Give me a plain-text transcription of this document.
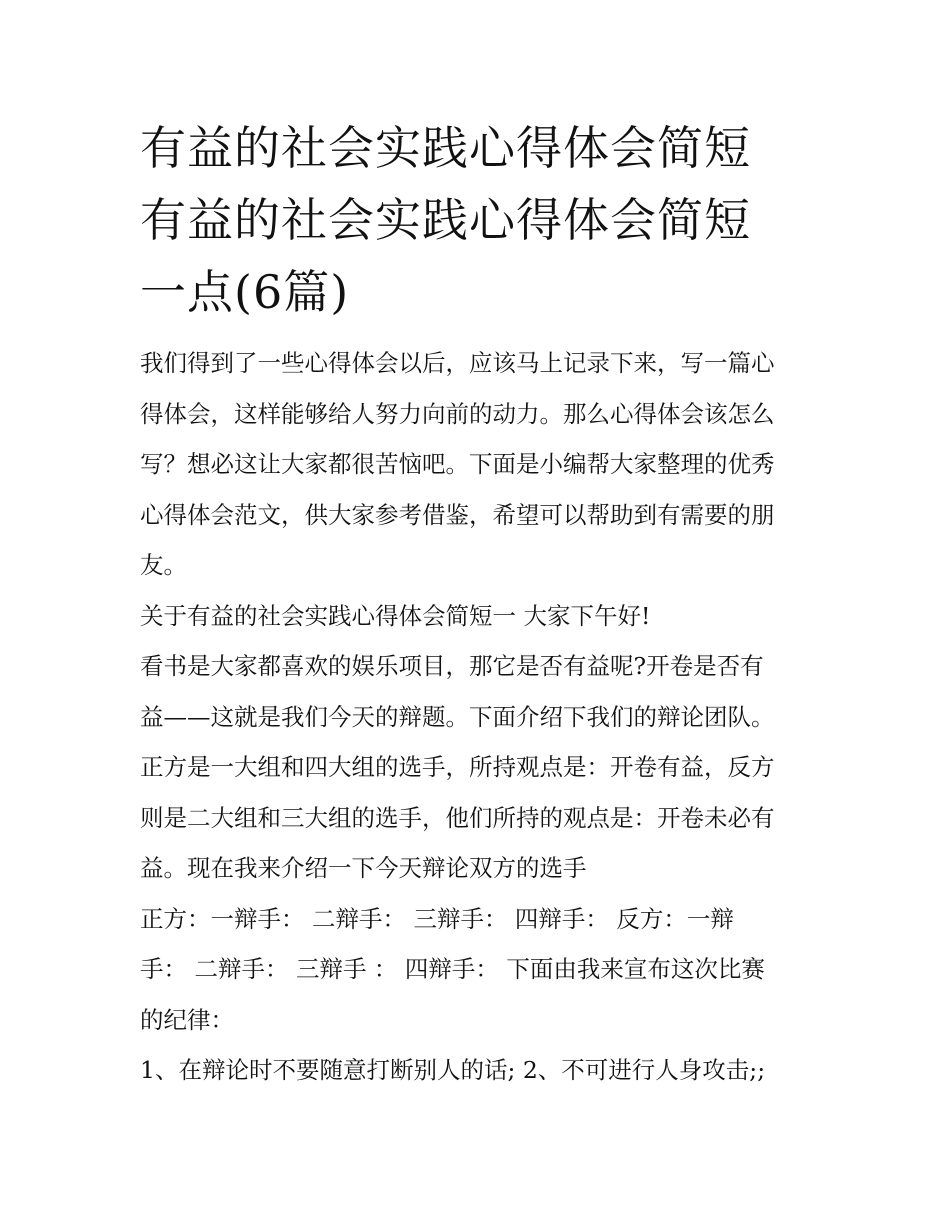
有益的社会实践心得体会简短
有益的社会实践心得体会简短
一点(6篇)

我们得到了一些心得体会以后，应该马上记录下来，写一篇心
得体会，这样能够给人努力向前的动力。那么心得体会该怎么
写？想必这让大家都很苦恼吧。下面是小编帮大家整理的优秀
心得体会范文，供大家参考借鉴，希望可以帮助到有需要的朋
友。

关于有益的社会实践心得体会简短一 大家下午好!

看书是大家都喜欢的娱乐项目，那它是否有益呢?开卷是否有
益——这就是我们今天的辩题。下面介绍下我们的辩论团队。
正方是一大组和四大组的选手，所持观点是：开卷有益，反方
则是二大组和三大组的选手，他们所持的观点是：开卷未必有
益。现在我来介绍一下今天辩论双方的选手

正方：一辩手： 二辩手： 三辩手： 四辩手： 反方：一辩
手： 二辩手： 三辩手 ： 四辩手： 下面由我来宣布这次比赛
的纪律：

1、在辩论时不要随意打断别人的话; 2、不可进行人身攻击;;
